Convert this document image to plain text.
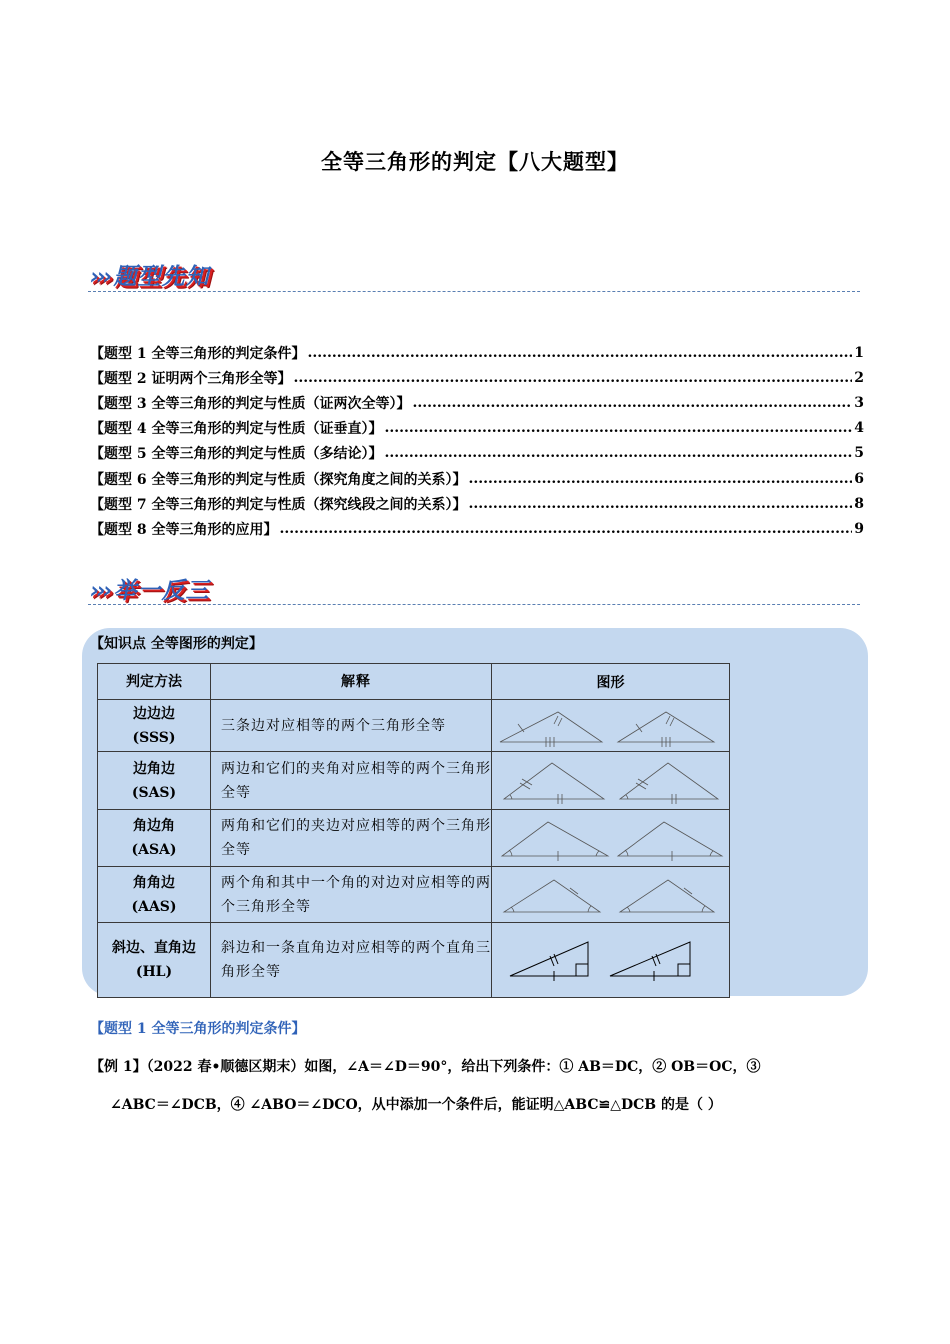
全等三角形的判定【八大题型】
››› 题型先知
【题型 1 全等三角形的判定条件】 .....	1
【题型 2 证明两个三角形全等】 .....	2
【题型 3 全等三角形的判定与性质（证两次全等）】 .....	3
【题型 4 全等三角形的判定与性质（证垂直）】 .....	4
【题型 5 全等三角形的判定与性质（多结论）】 .....	5
【题型 6 全等三角形的判定与性质（探究角度之间的关系）】 .....	6
【题型 7 全等三角形的判定与性质（探究线段之间的关系）】 .....	8
【题型 8 全等三角形的应用】 .....	9
››› 举一反三
【知识点 全等图形的判定】
判定方法	解释	图形

边边边
(SSS)	三条边对应相等的两个三角形全等	

边角边
(SAS)	两边和它们的夹角对应相等的两个三角形全等	

角边角
(ASA)	两角和它们的夹边对应相等的两个三角形全等	

角角边
(AAS)	两个角和其中一个角的对边对应相等的两个三角形全等	

斜边、直角边
(HL)	斜边和一条直角边对应相等的两个直角三角形全等	
【题型 1 全等三角形的判定条件】
【例 1】（2022 春•顺德区期末）如图，∠A＝∠D＝90°，给出下列条件：① AB＝DC，② OB＝OC，③
∠ABC＝∠DCB，④ ∠ABO＝∠DCO，从中添加一个条件后，能证明△ABC≌△DCB 的是（ ）
